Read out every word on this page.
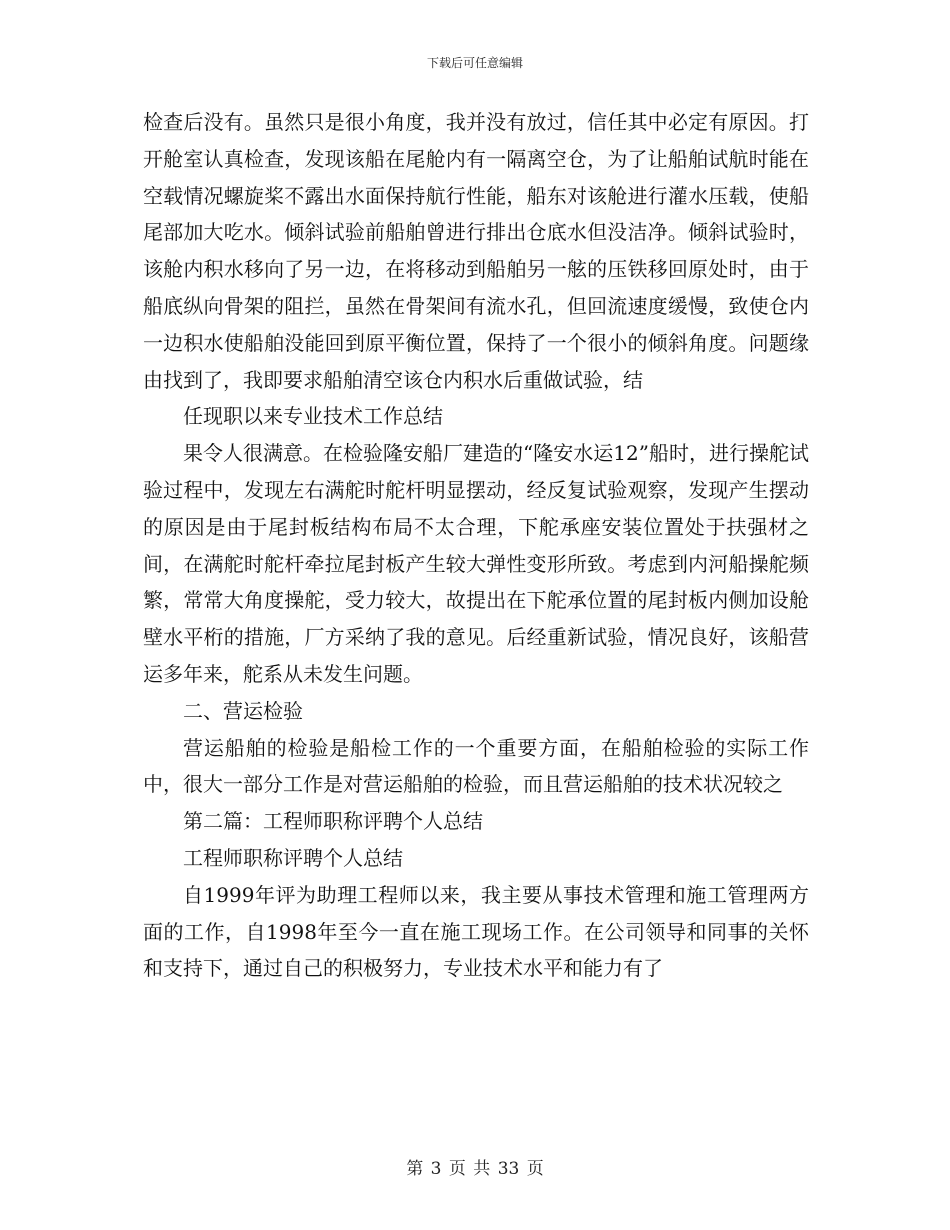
下载后可任意编辑

检查后没有。虽然只是很小角度，我并没有放过，信任其中必定有原因。打开舱室认真检查，发现该船在尾舱内有一隔离空仓，为了让船舶试航时能在空载情况螺旋桨不露出水面保持航行性能，船东对该舱进行灌水压载，使船尾部加大吃水。倾斜试验前船舶曾进行排出仓底水但没洁净。倾斜试验时，该舱内积水移向了另一边，在将移动到船舶另一舷的压铁移回原处时，由于船底纵向骨架的阻拦，虽然在骨架间有流水孔，但回流速度缓慢，致使仓内一边积水使船舶没能回到原平衡位置，保持了一个很小的倾斜角度。问题缘由找到了，我即要求船舶清空该仓内积水后重做试验，结

任现职以来专业技术工作总结

果令人很满意。在检验隆安船厂建造的“隆安水运12”船时，进行操舵试验过程中，发现左右满舵时舵杆明显摆动，经反复试验观察，发现产生摆动的原因是由于尾封板结构布局不太合理，下舵承座安装位置处于扶强材之间，在满舵时舵杆牵拉尾封板产生较大弹性变形所致。考虑到内河船操舵频繁，常常大角度操舵，受力较大，故提出在下舵承位置的尾封板内侧加设舱壁水平桁的措施，厂方采纳了我的意见。后经重新试验，情况良好，该船营运多年来，舵系从未发生问题。

二、营运检验

营运船舶的检验是船检工作的一个重要方面，在船舶检验的实际工作中，很大一部分工作是对营运船舶的检验，而且营运船舶的技术状况较之

第二篇：工程师职称评聘个人总结

工程师职称评聘个人总结

自1999年评为助理工程师以来，我主要从事技术管理和施工管理两方面的工作，自1998年至今一直在施工现场工作。在公司领导和同事的关怀和支持下，通过自己的积极努力，专业技术水平和能力有了

第 3 页 共 33 页
